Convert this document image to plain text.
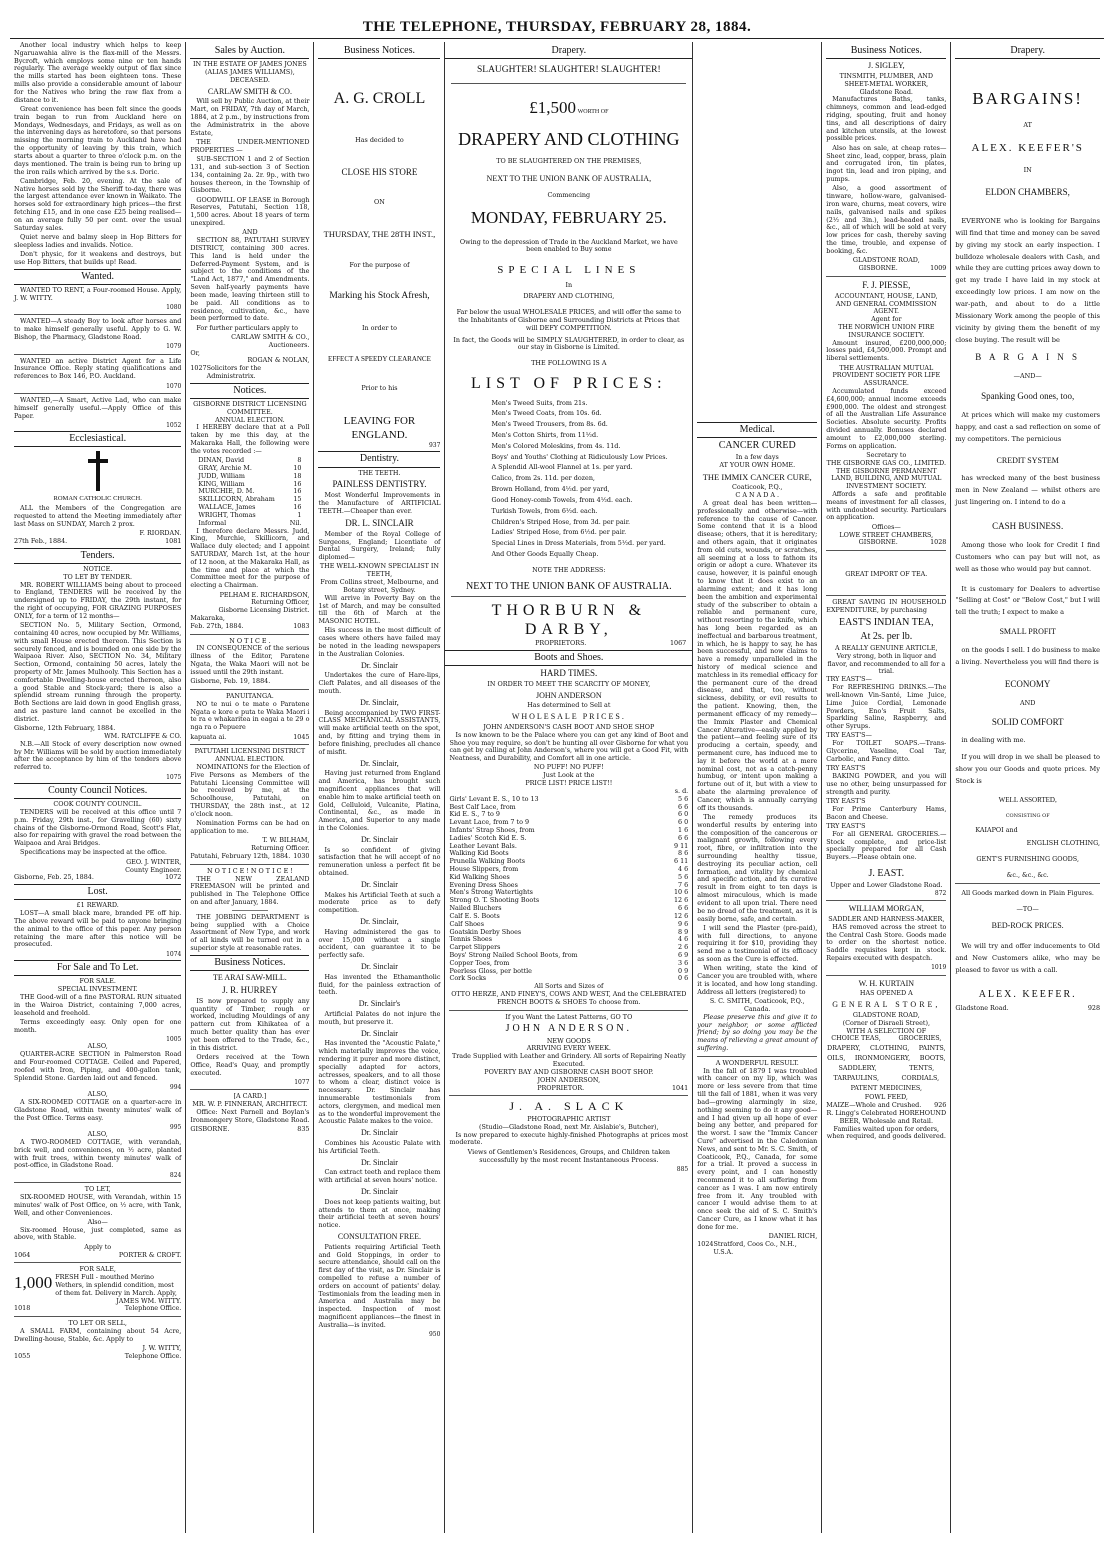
THE TELEPHONE, THURSDAY, FEBRUARY 28, 1884.

Another local industry which helps to keep Ngaruawahia alive is the flax-mill of the Messrs. Bycroft, which employs some nine or ten hands regularly. The average weekly output of flax since the mills started has been eighteen tons. These mills also provide a considerable amount of labour for the Natives who bring the raw flax from a distance to it.

Great convenience has been felt since the goods train began to run from Auckland here on Mondays, Wednesdays, and Fridays, as well as on the intervening days as heretofore, so that persons missing the morning train to Auckland have had the opportunity of leaving by this train, which starts about a quarter to three o'clock p.m. on the days mentioned. The train is being run to bring up the iron rails which arrived by the s.s. Doric.

Cambridge, Feb. 20, evening. At the sale of Native horses sold by the Sheriff to-day, there was the largest attendance ever known in Waikato. The horses sold for extraordinary high prices—the first fetching £15, and in one case £25 being realised—on an average fully 50 per cent. over the usual Saturday sales.

Quiet nerve and balmy sleep in Hop Bitters for sleepless ladies and invalids. Notice.

Don't physic, for it weakens and destroys, but use Hop Bitters, that builds up! Read.

Wanted.

WANTED TO RENT, a Four-roomed House. Apply, J. W. WITTY.

1080

WANTED—A steady Boy to look after horses and to make himself generally useful. Apply to G. W. Bishop, the Pharmacy, Gladstone Road.

1079

WANTED an active District Agent for a Life Insurance Office. Reply stating qualifications and references to Box 146, P.O. Auckland.

1070

WANTED,—A Smart, Active Lad, who can make himself generally useful.—Apply Office of this Paper.

1052
Ecclesiastical.
ROMAN CATHOLIC CHURCH.

ALL the Members of the Congregation are requested to attend the Meeting immediately after last Mass on SUNDAY, March 2 prox.

F. RIORDAN.
27th Feb., 1884.	1081
Tenders.
NOTICE.
TO LET BY TENDER.

MR. ROBERT WILLIAMS being about to proceed to England, TENDERS will be received by the undersigned up to FRIDAY, the 29th instant, for the right of occupying, FOR GRAZING PURPOSES ONLY, for a term of 12 months—

SECTION No. 5, Military Section, Ormond, containing 40 acres, now occupied by Mr. Williams, with small House erected thereon. This Section is securely fenced, and is bounded on one side by the Waipaoa River. Also, SECTION No. 34, Military Section, Ormond, containing 50 acres, lately the property of Mr. James Mulhooly. This Section has a comfortable Dwelling-house erected thereon, also a good Stable and Stock-yard; there is also a splendid stream running through the property. Both Sections are laid down in good English grass, and as pasture land cannot be excelled in the district.

Gisborne, 12th February, 1884.
WM. RATCLIFFE & CO.

N.B.—All Stock of every description now owned by Mr. Williams will be sold by auction immediately after the acceptance by him of the tenders above referred to.

1075
County Council Notices.
COOK COUNTY COUNCIL.

TENDERS will be received at this office until 7 p.m. Friday, 29th inst., for Gravelling (60) sixty chains of the Gisborne-Ormond Road, Scott's Flat, also for repairing with gravel the road between the Waipaoa and Arai Bridges.

Specifications may be inspected at the office.

GEO. J. WINTER,
County Engineer.
Gisborne, Feb. 25, 1884.	1072
Lost.
£1 REWARD.

LOST—A small black mare, branded PE off hip. The above reward will be paid to anyone bringing the animal to the office of this paper. Any person retaining the mare after this notice will be prosecuted.

1074
For Sale and To Let.
FOR SALE.
SPECIAL INVESTMENT.

THE Good-will of a fine PASTORAL RUN situated in the Wairoa District, containing 7,000 acres, leasehold and freehold.

Terms exceedingly easy. Only open for one month.

1005
ALSO,

QUARTER-ACRE SECTION in Palmerston Road and Four-roomed COTTAGE. Ceiled and Papered, roofed with Iron, Piping, and 400-gallon tank, Splendid Stone. Garden laid out and fenced.

994
ALSO,

A SIX-ROOMED COTTAGE on a quarter-acre in Gladstone Road, within twenty minutes' walk of the Post Office. Terms easy.

995
ALSO,

A TWO-ROOMED COTTAGE, with verandah, brick well, and conveniences, on ½ acre, planted with fruit trees, within twenty minutes' walk of post-office, in Gladstone Road.

824
TO LET,

SIX-ROOMED HOUSE, with Verandah, within 15 minutes' walk of Post Office, on ½ acre, with Tank, Well, and other Conveniences.

Also—

Six-roomed House, just completed, same as above, with Stable.

Apply to
1064	PORTER & CROFT.
FOR SALE,
1,000 FRESH Full - mouthed Merino Wethers, in splendid condition, most of them fat. Delivery in March. Apply,
JAMES WM. WITTY.
1018	Telephone Office.
TO LET OR SELL,

A SMALL FARM, containing about 54 Acre, Dwelling-house, Stable, &c. Apply to

J. W. WITTY,
1055	Telephone Office.
Sales by Auction.
IN THE ESTATE OF JAMES JONES (ALIAS JAMES WILLIAMS), DECEASED.
CARLAW SMITH & CO.

Will sell by Public Auction, at their Mart, on FRIDAY, 7th day of March, 1884, at 2 p.m., by instructions from the Administratrix in the above Estate,

THE UNDER-MENTIONED PROPERTIES —

SUB-SECTION 1 and 2 of Section 131, and sub-section 3 of Section 134, containing 2a. 2r. 9p., with two houses thereon, in the Township of Gisborne.

GOODWILL OF LEASE in Borough Reserves, Patutahi, Section 118, 1,500 acres. About 18 years of term unexpired.

AND

SECTION 88, PATUTAHI SURVEY DISTRICT, containing 300 acres. This land is held under the Deferred-Payment System, and is subject to the conditions of the "Land Act, 1877," and Amendments. Seven half-yearly payments have been made, leaving thirteen still to be paid. All conditions as to residence, cultivation, &c., have been performed to date.

For further particulars apply to

CARLAW SMITH & CO.,
Auctioneers.
Or,
ROGAN & NOLAN,
1027 Solicitors for the Administratrix.
Notices.
GISBORNE DISTRICT LICENSING COMMITTEE.
ANNUAL ELECTION.

I HEREBY declare that at a Poll taken by me this day, at the Makaraka Hall, the following were the votes recorded :—

DINAN, David	8
GRAY, Archie M.	10
JUDD, William	18
KING, William	16
MURCHIE, D. M.	16
SKILLICORN, Abraham	15
WALLACE, James	16
WRIGHT, Thomas	1
Informal	Nil.

I therefore declare Messrs. Judd, King, Murchie, Skillicorn, and Wallace duly elected; and I appoint SATURDAY, March 1st, at the hour of 12 noon, at the Makaraka Hall, as the time and place at which the Committee meet for the purpose of electing a Chairman.

PELHAM E. RICHARDSON,
Returning Officer,
Gisborne Licensing District.
Makaraka,
Feb. 27th, 1884.	1083
N O T I C E .

IN CONSEQUENCE of the serious illness of the Editor, Paratene Ngata, the Waka Maori will not be issued until the 29th instant.

Gisborne, Feb. 19, 1884.
PANUITANGA.

NO te nui o te mate o Paratene Ngata e kore e puta te Waka Maori i te ra e whakaritea in eagai a te 29 o nga ra o Pepuere

kapuata ai.	1045
PATUTAHI LICENSING DISTRICT ANNUAL ELECTION.

NOMINATIONS for the Election of Five Persons as Members of the Patutahi Licensing Committee will be received by me, at the Schoolhouse, Patutahi, on THURSDAY, the 28th inst., at 12 o'clock noon.

Nomination Forms can be had on application to me.

T. W. BILHAM,
Returning Officer.
Patutahi, February 12th, 1884. 1030
N O T I C E ! N O T I C E !

THE NEW ZEALAND FREEMASON will be printed and published in The Telephone Office on and after January, 1884.

THE JOBBING DEPARTMENT is being supplied with a Choice Assortment of New Type, and work of all kinds will be turned out in a superior style at reasonable rates.

Business Notices.
TE ARAI SAW-MILL.
J. R. HURREY

IS now prepared to supply any quantity of Timber, rough or worked, including Mouldings of any pattern cut from Kihikatea of a much better quality than has ever yet been offered to the Trade, &c., in this district.

Orders received at the Town Office, Read's Quay, and promptly executed.

1077
[A CARD.]
MR. W. P. FINNERAN, ARCHITECT.

Office: Next Parnell and Boylan's Ironmongery Store, Gladstone Road.

GISBORNE.	835
Business Notices.
A. G. CROLL
Has decided to
CLOSE HIS STORE
ON
THURSDAY, THE 28TH INST.,
For the purpose of
Marking his Stock Afresh,
In order to
EFFECT A SPEEDY CLEARANCE
Prior to his
LEAVING FOR ENGLAND.
937
Dentistry.
THE TEETH.
PAINLESS DENTISTRY.

Most Wonderful Improvements in the Manufacture of ARTIFICIAL TEETH.—Cheaper than ever.

DR. L. SINCLAIR

Member of the Royal College of Surgeons, England; Licentiate of Dental Surgery, Ireland; fully diplomed—

THE WELL-KNOWN SPECIALIST IN TEETH,
From Collins street, Melbourne, and Botany street, Sydney.

Will arrive in Poverty Bay on the 1st of March, and may be consulted till the 6th of March at the MASONIC HOTEL.

His success in the most difficult of cases where others have failed may be noted in the leading newspapers in the Australian Colonies.

Dr. Sinclair

Undertakes the cure of Hare-lips, Cleft Palates, and all diseases of the mouth.

Dr. Sinclair,

Being accompanied by TWO FIRST-CLASS MECHANICAL ASSISTANTS, will make artificial teeth on the spot, and, by fitting and trying them in before finishing, precludes all chance of misfit.

Dr. Sinclair,

Having just returned from England and America, has brought such magnificent appliances that will enable him to make artificial teeth on Gold, Celluloid, Vulcanite, Platina, Continental, &c., as made in America, and Superior to any made in the Colonies.

Dr. Sinclair

Is so confident of giving satisfaction that he will accept of no remuneration unless a perfect fit be obtained.

Dr. Sinclair

Makes his Artificial Teeth at such a moderate price as to defy competition.

Dr. Sinclair,

Having administered the gas to over 15,000 without a single accident, can guarantee it to be perfectly safe.

Dr. Sinclair

Has invented the Ethamantholic fluid, for the painless extraction of teeth.

Dr. Sinclair's

Artificial Palates do not injure the mouth, but preserve it.

Dr. Sinclair

Has invented the "Acoustic Palate," which materially improves the voice, rendering it purer and more distinct, specially adapted for actors, actresses, speakers, and to all those to whom a clear, distinct voice is necessary. Dr. Sinclair has innumerable testimonials from actors, clergymen, and medical men as to the wonderful improvement the Acoustic Palate makes to the voice.

Dr. Sinclair

Combines his Acoustic Palate with his Artificial Teeth.

Dr. Sinclair

Can extract teeth and replace them with artificial at seven hours' notice.

Dr. Sinclair

Does not keep patients waiting, but attends to them at once, making their artificial teeth at seven hours' notice.

CONSULTATION FREE.

Patients requiring Artificial Teeth and Gold Stoppings, in order to secure attendance, should call on the first day of the visit, as Dr. Sinclair is compelled to refuse a number of orders on account of patients' delay. Testimonials from the leading men in America and Australia may be inspected. Inspection of most magnificent appliances—the finest in Australia—is invited.

950
Drapery.
SLAUGHTER! SLAUGHTER! SLAUGHTER!
£1,500 WORTH OF
DRAPERY AND CLOTHING
TO BE SLAUGHTERED ON THE PREMISES,
NEXT TO THE UNION BANK OF AUSTRALIA,
Commencing
MONDAY, FEBRUARY 25.
Owing to the depression of Trade in the Auckland Market, we have been enabled to Buy some
SPECIAL LINES
In
DRAPERY AND CLOTHING,

Far below the usual WHOLESALE PRICES, and will offer the same to the Inhabitants of Gisborne and Surrounding Districts at Prices that will DEFY COMPETITION.

In fact, the Goods will be SIMPLY SLAUGHTERED, in order to clear, as our stay in Gisborne is Limited.

THE FOLLOWING IS A
LIST OF PRICES:
Men's Tweed Suits, from 21s.
Men's Tweed Coats, from 10s. 6d.
Men's Tweed Trousers, from 8s. 6d.
Men's Cotton Shirts, from 11½d.
Men's Colored Moleskins, from 4s. 11d.
Boys' and Youths' Clothing at Ridiculously Low Prices.
A Splendid All-wool Flannel at 1s. per yard.
Calico, from 2s. 11d. per dozen,
Brown Holland, from 4½d. per yard,
Good Honey-comb Towels, from 4½d. each.
Turkish Towels, from 6½d. each.
Children's Striped Hose, from 3d. per pair.
Ladies' Striped Hose, from 6½d. per pair.
Special Lines in Dress Materials, from 5½d. per yard.
And Other Goods Equally Cheap.
NOTE THE ADDRESS:
NEXT TO THE UNION BANK OF AUSTRALIA.
THORBURN & DARBY,
PROPRIETORS.	1067
Boots and Shoes.
HARD TIMES.
IN ORDER TO MEET THE SCARCITY OF MONEY,
JOHN ANDERSON
Has determined to Sell at
WHOLESALE PRICES.
JOHN ANDERSON'S CASH BOOT AND SHOE SHOP

Is now known to be the Palace where you can get any kind of Boot and Shoe you may require, so don't be hunting all over Gisborne for what you can get by calling at John Anderson's, where you will get a Good Fit, with Neatness, and Durability, and Comfort all in one article.

NO PUFF! NO PUFF!
Just Look at the
PRICE LIST! PRICE LIST!!
s. d.
Girls' Levant E. S., 10 to 13	5 6
Best Calf Lace, from	6 6
Kid E. S., 7 to 9	6 0
Levant Lace, from 7 to 9	6 0
Infants' Strap Shoes, from	1 6
Ladies' Scotch Kid E. S.	6 6
Leather Levant Bals.	9 11
Walking Kid Boots	8 6
Prunella Walking Boots	6 11
House Slippers, from	4 6
Kid Walking Shoes	5 6
Evening Dress Shoes	7 6
Men's Strong Watertights	10 6
Strong O. T. Shooting Boots	12 6
Nailed Bluchers	6 6
Calf E. S. Boots	12 6
Calf Shoes	9 6
Goatskin Derby Shoes	8 9
Tennis Shoes	4 6
Carpet Slippers	2 6
Boys' Strong Nailed School Boots, from	6 9
Copper Toes, from	3 6
Peerless Gloss, per bottle	0 9
Cork Socks	0 6
All Sorts and Sizes of
OTTO HERZE, AND FINEY'S, COWS AND WEST, And the CELEBRATED FRENCH BOOTS & SHOES To choose from.
If you Want the Latest Patterns, GO TO
JOHN ANDERSON.
NEW GOODS
ARRIVING EVERY WEEK.
Trade Supplied with Leather and Grindery. All sorts of Repairing Neatly Executed.
POVERTY BAY AND GISBORNE CASH BOOT SHOP.
JOHN ANDERSON,
PROPRIETOR.	1041
J. A. SLACK
PHOTOGRAPHIC ARTIST
(Studio—Gladstone Road, next Mr. Aislabie's, Butcher),

Is now prepared to execute highly-finished Photographs at prices most moderate.

Views of Gentlemen's Residences, Groups, and Children taken successfully by the most recent Instantaneous Process.

885
Medical.
CANCER CURED
In a few days
AT YOUR OWN HOME.
THE IMMIX CANCER CURE,
Coaticook, P.Q.,
C A N A D A .

A great deal has been written—professionally and otherwise—with reference to the cause of Cancer. Some contend that it is a blood disease; others, that it is hereditary; and others again, that it originates from old cuts, wounds, or scratches, all seeming at a loss to fathom its origin or adopt a cure. Whatever its cause, however, it is painful enough to know that it does exist to an alarming extent; and it has long been the ambition and experimental study of the subscriber to obtain a reliable and permanent cure, without resorting to the knife, which has long been regarded as an ineffectual and barbarous treatment, in which, he is happy to say, he has been successful, and now claims to have a remedy unparalleled in the history of medical science and matchless in its remedial efficacy for the permanent cure of the dread disease, and that, too, without sickness, debility, or evil results to the patient. Knowing, then, the permanent efficacy of my remedy—the Immix Plaster and Chemical Cancer Alterative—easily applied by the patient—and feeling sure of its producing a certain, speedy, and permanent cure, has induced me to lay it before the world at a mere nominal cost, not as a catch-penny humbug, or intent upon making a fortune out of it, but with a view to abate the alarming prevalence of Cancer, which is annually carrying off its thousands.

The remedy produces its wonderful results by entering into the composition of the cancerous or malignant growth, following every root, fibre, or infiltration into the surrounding healthy tissue, destroying its peculiar action, cell formation, and vitality by chemical and specific action, and its curative result in from eight to ten days is almost miraculous, which is made evident to all upon trial. There need be no dread of the treatment, as it is easily borne, safe, and certain.

I will send the Plaster (pre-paid), with full directions, to anyone requiring it for $10, providing they send me a testimonial of its efficacy as soon as the Cure is effected.

When writing, state the kind of Cancer you are troubled with, where it is located, and how long standing. Address all letters (registered) to

S. C. SMITH, Coaticook, P.Q., Canada.

Please preserve this and give it to your neighbor, or some afflicted friend; by so doing you may be the means of relieving a great amount of suffering.

A WONDERFUL RESULT.

In the fall of 1879 I was troubled with cancer on my lip, which was more or less severe from that time till the fall of 1881, when it was very bad—growing alarmingly in size, nothing seeming to do it any good—and I had given up all hope of ever being any better, and prepared for the worst. I saw the "Immix Cancer Cure" advertised in the Caledonian News, and sent to Mr. S. C. Smith, of Coaticook, P.Q., Canada, for some for a trial. It proved a success in every point, and I can honestly recommend it to all suffering from cancer as I was. I am now entirely free from it. Any troubled with cancer I would advise them to at once seek the aid of S. C. Smith's Cancer Cure, as I know what it has done for me.

DANIEL RICH,
1024 Stratford, Coos Co., N.H., U.S.A.
Business Notices.
J. SIGLEY,
TINSMITH, PLUMBER, AND SHEET-METAL WORKER,
Gladstone Road.

Manufactures Baths, tanks, chimneys, common and lead-edged ridging, spouting, fruit and honey tins, and all descriptions of dairy and kitchen utensils, at the lowest possible prices.

Also has on sale, at cheap rates—Sheet zinc, lead, copper, brass, plain and corrugated iron, tin plates, ingot tin, lead and iron piping, and pumps.

Also, a good assortment of tinware, hollow-ware, galvanised-iron ware, churns, meat covers, wire nails, galvanised nails and spikes (2½ and 3in.), lead-headed nails, &c., all of which will be sold at very low prices for cash, thereby saving the time, trouble, and expense of booking, &c.

GLADSTONE ROAD,
GISBORNE.	1009
F. J. PIESSE,
ACCOUNTANT, HOUSE, LAND, AND GENERAL COMMISSION AGENT.
Agent for
THE NORWICH UNION FIRE INSURANCE SOCIETY.

Amount insured, £200,000,000; losses paid, £4,500,000. Prompt and liberal settlements.

THE AUSTRALIAN MUTUAL PROVIDENT SOCIETY FOR LIFE ASSURANCE.

Accumulated funds exceed £4,600,000; annual income exceeds £900,000. The oldest and strongest of all the Australian Life Assurance Societies. Absolute security. Profits divided annually. Bonuses declared amount to £2,000,000 sterling. Forms on application.

Secretary to
THE GISBORNE GAS CO., LIMITED.
THE GISBORNE PERMANENT LAND, BUILDING, AND MUTUAL INVESTMENT SOCIETY.

Affords a safe and profitable means of investment for all classes, with undoubted security. Particulars on application.

Offices—
LOWE STREET CHAMBERS,
GISBORNE.	1028
GREAT IMPORT OF TEA.

GREAT SAVING IN HOUSEHOLD EXPENDITURE, by purchasing

EAST'S INDIAN TEA,
At 2s. per lb.
A REALLY GENUINE ARTICLE,
Very strong, both in liquor and flavor, and recommended to all for a trial.
TRY EAST'S—

For REFRESHING DRINKS.—The well-known Vin-Santé, Lime Juice, Lime Juice Cordial, Lemonade Powders, Eno's Fruit Salts, Sparkling Saline, Raspberry, and other Syrups.

TRY EAST'S—

For TOILET SOAPS.—Trans-Glycerine, Vaseline, Coal Tar, Carbolic, and Fancy ditto.

TRY EAST'S

BAKING POWDER, and you will use no other, being unsurpassed for strength and purity.

TRY EAST'S

For Prime Canterbury Hams, Bacon and Cheese.

TRY EAST'S

For all GENERAL GROCERIES.—Stock complete, and price-list specially prepared for all Cash Buyers.—Please obtain one.

J. EAST.
Upper and Lower Gladstone Road.
872
WILLIAM MORGAN,
SADDLER AND HARNESS-MAKER,

HAS removed across the street to the Central Cash Store. Goods made to order on the shortest notice. Saddle requisites kept in stock. Repairs executed with despatch.

1019
W. H. KURTAIN
HAS OPENED A
GENERAL STORE,
GLADSTONE ROAD,
(Corner of Disraeli Street),
WITH A SELECTION OF
CHOICE TEAS,	GROCERIES,
DRAPERY, CLOTHING, PAINTS,
OILS, IRONMONGERY, BOOTS,
SADDLERY,	TENTS,
TARPAULINS,	CORDIALS,
PATENT MEDICINES,
FOWL FEED,
MAIZE—Whole and Crushed. 926
R. Lingg's Celebrated HOREHOUND BEER, Wholesale and Retail.
Families waited upon for orders, when required, and goods delivered.
Drapery.
BARGAINS!
AT
ALEX. KEEFER'S
IN
ELDON CHAMBERS,

EVERYONE who is looking for Bargains will find that time and money can be saved by giving my stock an early inspection. I bulldoze wholesale dealers with Cash, and while they are cutting prices away down to get my trade I have laid in my stock at exceedingly low prices. I am now on the war-path, and about to do a little Missionary Work among the people of this vicinity by giving them the benefit of my close buying. The result will be

B A R G A I N S
—AND—
Spanking Good ones, too,

At prices which will make my customers happy, and cast a sad reflection on some of my competitors. The pernicious

CREDIT SYSTEM

has wrecked many of the best business men in New Zealand — whilst others are just lingering on. I intend to do a

CASH BUSINESS.

Among those who look for Credit I find Customers who can pay but will not, as well as those who would pay but cannot.

It is customary for Dealers to advertise "Selling at Cost" or "Below Cost," but I will tell the truth; I expect to make a

SMALL PROFIT

on the goods I sell. I do business to make a living. Nevertheless you will find there is

ECONOMY
AND
SOLID COMFORT

in dealing with me.

If you will drop in we shall be pleased to show you our Goods and quote prices. My Stock is

WELL ASSORTED,
CONSISTING OF
KAIAPOI and
ENGLISH CLOTHING,
GENT'S FURNISHING GOODS,
&c., &c., &c.
All Goods marked down in Plain Figures.
—TO—
BED-ROCK PRICES.

We will try and offer inducements to Old and New Customers alike, who may be pleased to favor us with a call.

ALEX. KEEFER.
Gladstone Road.	928
